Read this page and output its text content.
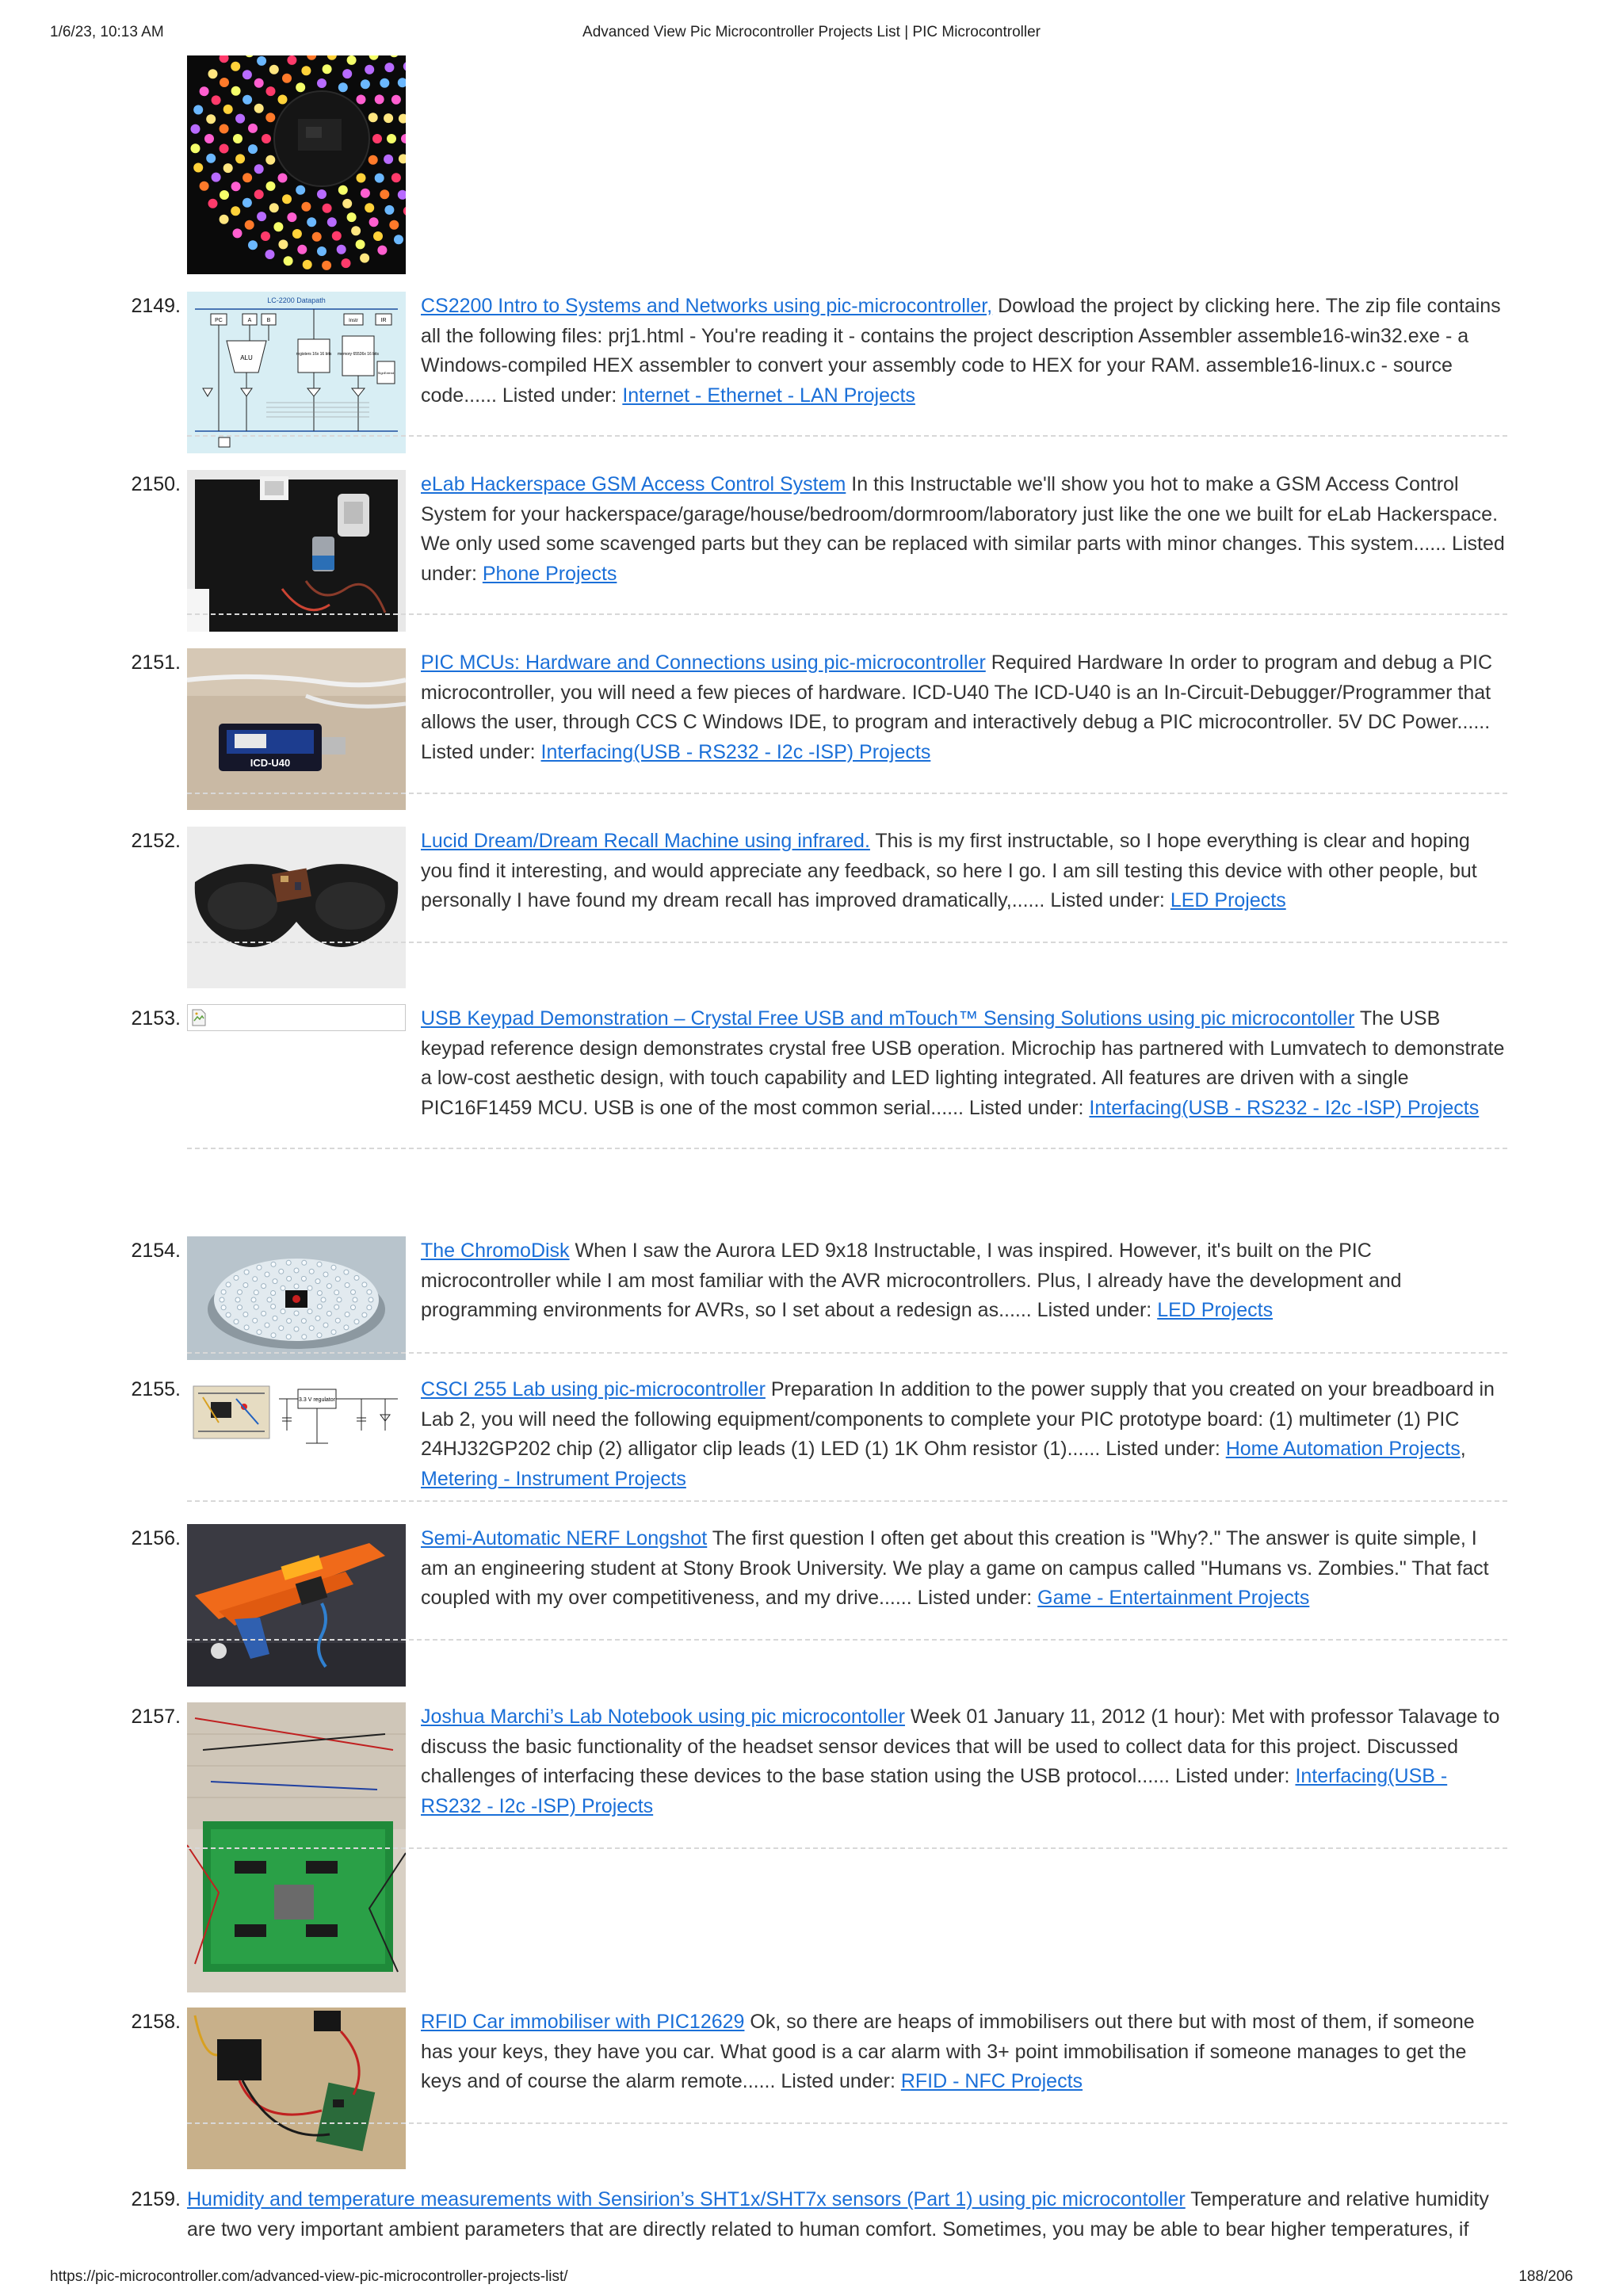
1/6/23, 10:13 AM	Advanced View Pic Microcontroller Projects List | PIC Microcontroller
2149.	LC-2200 Datapath
PC	A	B	Instr	IR
ALU	registers 16x 16 bits memory 65536x 16 bits
SignExtend
CS2200 Intro to Systems and Networks using pic-microcontroller, Dowload the project by clicking here. The zip file contains all the following files: prj1.html - You're reading it - contains the project description Assembler assemble16-win32.exe - a Windows-compiled HEX assembler to convert your assembly code to HEX for your RAM. assemble16-linux.c - source code...... Listed under: Internet - Ethernet - LAN Projects
2150.	eLab Hackerspace GSM Access Control System In this Instructable we'll show you hot to make a GSM Access Control System for your hackerspace/garage/house/bedroom/dormroom/laboratory just like the one we built for eLab Hackerspace. We only used some scavenged parts but they can be replaced with similar parts with minor changes. This system...... Listed under: Phone Projects
2151.
ICD-U40
PIC MCUs: Hardware and Connections using pic-microcontroller Required Hardware In order to program and debug a PIC microcontroller, you will need a few pieces of hardware. ICD-U40 The ICD-U40 is an In-Circuit-Debugger/Programmer that allows the user, through CCS C Windows IDE, to program and interactively debug a PIC microcontroller. 5V DC Power...... Listed under: Interfacing(USB - RS232 - I2c -ISP) Projects
2152.	Lucid Dream/Dream Recall Machine using infrared. This is my first instructable, so I hope everything is clear and hoping you find it interesting, and would appreciate any feedback, so here I go. I am sill testing this device with other people, but personally I have found my dream recall has improved dramatically,...... Listed under: LED Projects
2153.	USB Keypad Demonstration – Crystal Free USB and mTouch™ Sensing Solutions using pic microcontoller The USB keypad reference design demonstrates crystal free USB operation. Microchip has partnered with Lumvatech to demonstrate a low-cost aesthetic design, with touch capability and LED lighting integrated. All features are driven with a single PIC16F1459 MCU. USB is one of the most common serial...... Listed under: Interfacing(USB - RS232 - I2c -ISP) Projects
2154.	The ChromoDisk When I saw the Aurora LED 9x18 Instructable, I was inspired. However, it's built on the PIC microcontroller while I am most familiar with the AVR microcontrollers. Plus, I already have the development and programming environments for AVRs, so I set about a redesign as...... Listed under: LED Projects
2155.	3.3 V regulator	CSCI 255 Lab using pic-microcontroller Preparation In addition to the power supply that you created on your breadboard in Lab 2, you will need the following equipment/components to complete your PIC prototype board: (1) multimeter (1) PIC 24HJ32GP202 chip (2) alligator clip leads (1) LED (1) 1K Ohm resistor (1)...... Listed under: Home Automation Projects, Metering - Instrument Projects
2156.	Semi-Automatic NERF Longshot The first question I often get about this creation is "Why?." The answer is quite simple, I am an engineering student at Stony Brook University. We play a game on campus called "Humans vs. Zombies." That fact coupled with my over competitiveness, and my drive...... Listed under: Game - Entertainment Projects
2157.	Joshua Marchi’s Lab Notebook using pic microcontoller Week 01 January 11, 2012 (1 hour): Met with professor Talavage to discuss the basic functionality of the headset sensor devices that will be used to collect data for this project. Discussed challenges of interfacing these devices to the base station using the USB protocol...... Listed under: Interfacing(USB - RS232 - I2c -ISP) Projects
2158.	RFID Car immobiliser with PIC12629 Ok, so there are heaps of immobilisers out there but with most of them, if someone has your keys, they have you car. What good is a car alarm with 3+ point immobilisation if someone manages to get the keys and of course the alarm remote...... Listed under: RFID - NFC Projects
2159. Humidity and temperature measurements with Sensirion’s SHT1x/SHT7x sensors (Part 1) using pic microcontoller Temperature and relative humidity are two very important ambient parameters that are directly related to human comfort. Sometimes, you may be able to bear higher temperatures, if
https://pic-microcontroller.com/advanced-view-pic-microcontroller-projects-list/	188/206
